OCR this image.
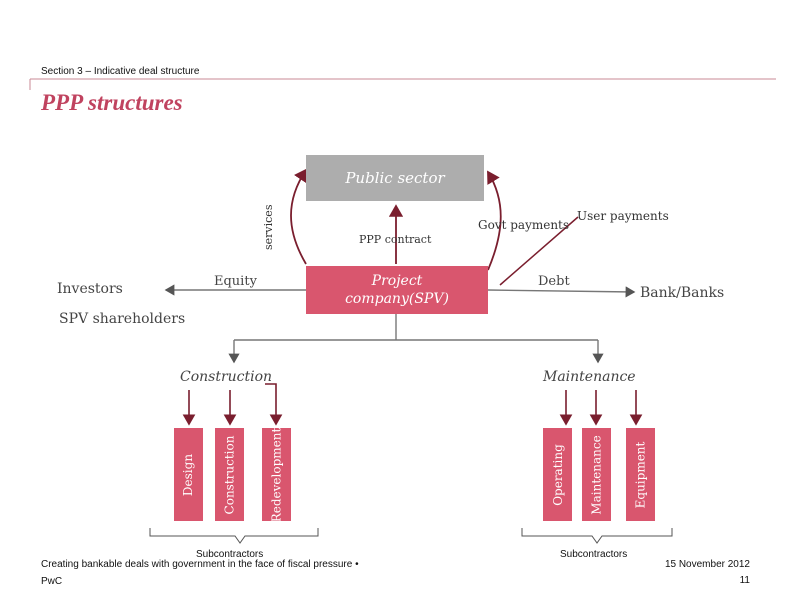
Section 3 – Indicative deal structure
PPP structures
Public sector
services	PPP contract
Govt payments
User payments
Project
company(SPV)
Investors	Equity
SPV shareholders
Debt
Bank/Banks
Construction	Maintenance
Design Construction	Redevelopment	Operating Maintenance	Equipment
Subcontractors	Subcontractors
Creating bankable deals with government in the face of fiscal pressure •
PwC
15 November 2012
11
